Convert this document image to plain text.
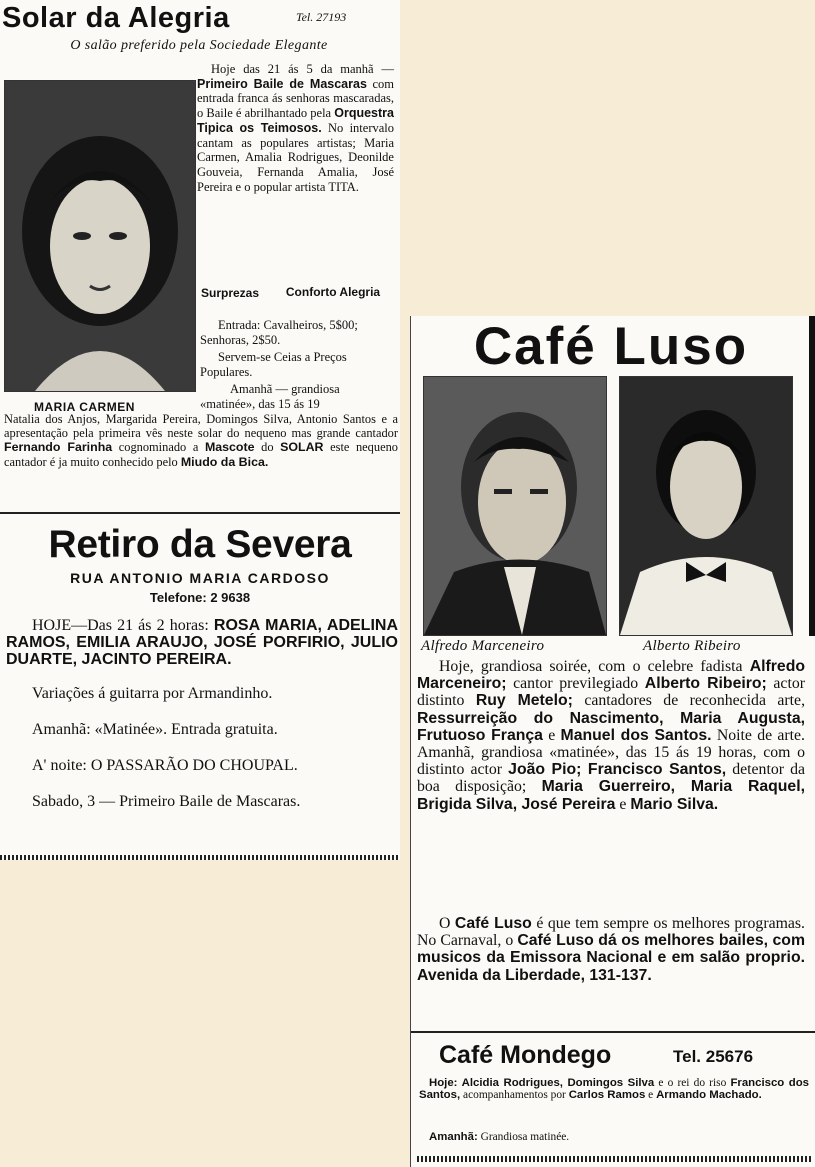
Solar da Alegria	Tel. 27193
O salão preferido pela Sociedade Elegante
MARIA CARMEN
Hoje das 21 ás 5 da manhã — Primeiro Baile de Mascaras com entrada franca ás senhoras mascaradas, o Baile é abrilhantado pela Orquestra Tipica os Teimosos. No intervalo cantam as populares artistas; Maria Carmen, Amalia Rodrigues, Deonilde Gouveia, Fernanda Amalia, José Pereira e o popular artista TITA.
Surprezas	Conforto Alegria
Entrada: Cavalheiros, 5$00; Senhoras, 2$50.
Servem-se Ceias a Preços Populares.
Amanhã — grandiosa «matinée», das 15 ás 19
Natalia dos Anjos, Margarida Pereira, Domingos Silva, Antonio Santos e a apresentação pela primeira vês neste solar do nequeno mas grande cantador Fernando Farinha cognominado a Mascote do SOLAR este nequeno cantador é ja muito conhecido pelo Miudo da Bica.
Retiro da Severa
RUA ANTONIO MARIA CARDOSO
Telefone: 2 9638
HOJE—Das 21 ás 2 horas: ROSA MARIA, ADELINA RAMOS, EMILIA ARAUJO, JOSÉ PORFIRIO, JULIO DUARTE, JACINTO PEREIRA.
Variações á guitarra por Armandinho.
Amanhã: «Matinée». Entrada gratuita.
A' noite: O PASSARÃO DO CHOUPAL.
Sabado, 3 — Primeiro Baile de Mascaras.
Café Luso
Alfredo Marceneiro	Alberto Ribeiro
Hoje, grandiosa soirée, com o celebre fadista Alfredo Marceneiro; cantor previlegiado Alberto Ribeiro; actor distinto Ruy Metelo; cantadores de reconhecida arte, Ressurreição do Nascimento, Maria Augusta, Frutuoso França e Manuel dos Santos. Noite de arte. Amanhã, grandiosa «matinée», das 15 ás 19 horas, com o distinto actor João Pio; Francisco Santos, detentor da boa disposição; Maria Guerreiro, Maria Raquel, Brigida Silva, José Pereira e Mario Silva.
O Café Luso é que tem sempre os melhores programas. No Carnaval, o Café Luso dá os melhores bailes, com musicos da Emissora Nacional e em salão proprio. Avenida da Liberdade, 131-137.
Café Mondego	Tel. 25676
Hoje: Alcidia Rodrigues, Domingos Silva e o rei do riso Francisco dos Santos, acompanhamentos por Carlos Ramos e Armando Machado.
Amanhã: Grandiosa matinée.
